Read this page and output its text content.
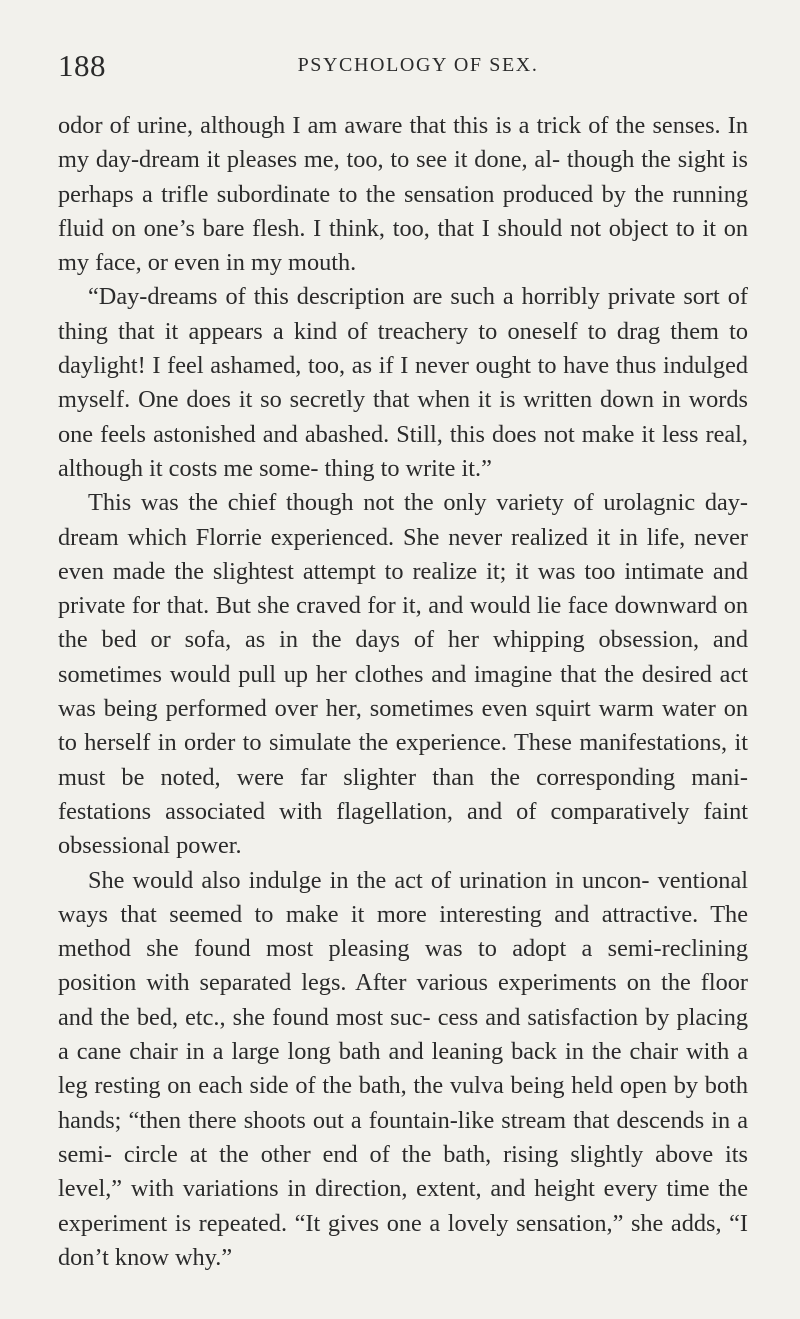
188	PSYCHOLOGY OF SEX.

odor of urine, although I am aware that this is a trick of the senses. In my day-dream it pleases me, too, to see it done, al- though the sight is perhaps a trifle subordinate to the sensation produced by the running fluid on one’s bare flesh. I think, too, that I should not object to it on my face, or even in my mouth.

“Day-dreams of this description are such a horribly private sort of thing that it appears a kind of treachery to oneself to drag them to daylight! I feel ashamed, too, as if I never ought to have thus indulged myself. One does it so secretly that when it is written down in words one feels astonished and abashed. Still, this does not make it less real, although it costs me some- thing to write it.”

This was the chief though not the only variety of urolagnic day-dream which Florrie experienced. She never realized it in life, never even made the slightest attempt to realize it; it was too intimate and private for that. But she craved for it, and would lie face downward on the bed or sofa, as in the days of her whipping obsession, and sometimes would pull up her clothes and imagine that the desired act was being performed over her, sometimes even squirt warm water on to herself in order to simulate the experience. These manifestations, it must be noted, were far slighter than the corresponding mani- festations associated with flagellation, and of comparatively faint obsessional power.

She would also indulge in the act of urination in uncon- ventional ways that seemed to make it more interesting and attractive. The method she found most pleasing was to adopt a semi-reclining position with separated legs. After various experiments on the floor and the bed, etc., she found most suc- cess and satisfaction by placing a cane chair in a large long bath and leaning back in the chair with a leg resting on each side of the bath, the vulva being held open by both hands; “then there shoots out a fountain-like stream that descends in a semi- circle at the other end of the bath, rising slightly above its level,” with variations in direction, extent, and height every time the experiment is repeated. “It gives one a lovely sensation,” she adds, “I don’t know why.”
